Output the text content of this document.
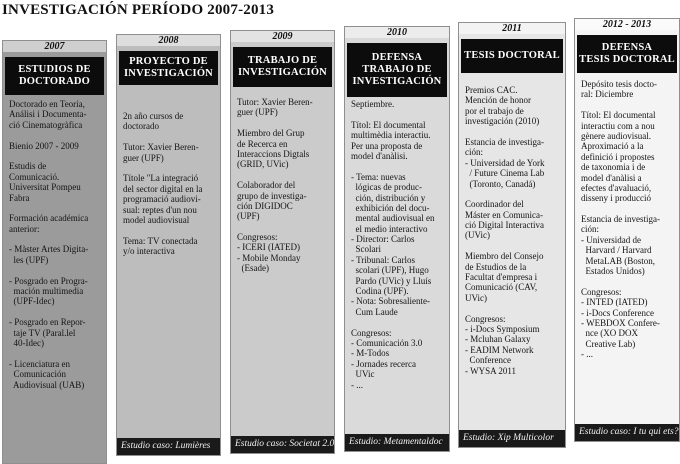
INVESTIGACIÓN PERÍODO 2007-2013
2007
ESTUDIOS DE
DOCTORADO
Doctorado en Teoría,
Análisi i Documenta-
ció Cinematogràfica
Bienio 2007 - 2009
Estudis de
Comunicació.
Universitat Pompeu
Fabra
Formación académica
anterior:
- Màster Artes Digita-
les (UPF)
- Posgrado en Progra-
mación multimedia
(UPF-Idec)
- Posgrado en Repor-
taje TV (Paral.lel
40-Idec)
- Licenciatura en
Comunicación
Audiovisual (UAB)
2008
PROYECTO DE
INVESTIGACIÓN
2n año cursos de
doctorado
Tutor: Xavier Beren-
guer (UPF)
Títole "La integració
del sector digital en la
programació audiovi-
sual: reptes d'un nou
model audiovisual
Tema: TV conectada
y/o interactiva
Estudio caso: Lumières
2009
TRABAJO DE
INVESTIGACIÓN
Tutor: Xavier Beren-
guer (UPF)
Miembro del Grup
de Recerca en
Interaccions Digtals
(GRID, UVic)
Colaborador del
grupo de investiga-
ción DIGIDOC
(UPF)
Congresos:
- ICERI (IATED)
- Mobile Monday
(Esade)
Estudio caso: Societat 2.0
2010
DEFENSA
TRABAJO DE
INVESTIGACIÓN
Septiembre.
Títol: El documental
multimèdia interactiu.
Per una proposta de
model d'anàlisi.
- Tema: nuevas
lógicas de produc-
ción, distribución y
exhibición del docu-
mental audiovisual en
el medio interactivo
- Director: Carlos
Scolari
- Tribunal: Carlos
scolari (UPF), Hugo
Pardo (UVic) y Lluís
Codina (UPF).
- Nota: Sobresaliente-
Cum Laude
Congresos:
- Comunicación 3.0
- M-Todos
- Jornades recerca
UVic
- ...
Estudio: Metamentaldoc
2011
TESIS DOCTORAL
Premios CAC.
Mención de honor
por el trabajo de
investigación (2010)
Estancia de investiga-
ción:
- Universidad de York
/ Future Cinema Lab
(Toronto, Canadá)
Coordinador del
Máster en Comunica-
ció Digital Interactiva
(UVic)
Miembro del Consejo
de Estudios de la
Facultat d'empresa i
Comunicació (CAV,
UVic)
Congresos:
- i-Docs Symposium
- Mcluhan Galaxy
- EADIM Network
Conference
- WYSA 2011
Estudio: Xip Multicolor
2012 - 2013
DEFENSA
TESIS DOCTORAL
Depósito tesis docto-
ral: Diciembre
Títol: El documental
interactiu com a nou
gènere audiovisual.
Aproximació a la
definició i propostes
de taxonomia i de
model d'anàlisi a
efectes d'avaluació,
disseny i producció
Estancia de investiga-
ción:
- Universidad de
Harvard / Harvard
MetaLAB (Boston,
Estados Unidos)
Congresos:
- INTED (IATED)
- i-Docs Conference
- WEBDOX Confere-
nce (XO DOX
Creative Lab)
- ...
Estudio caso: I tu qui ets?
